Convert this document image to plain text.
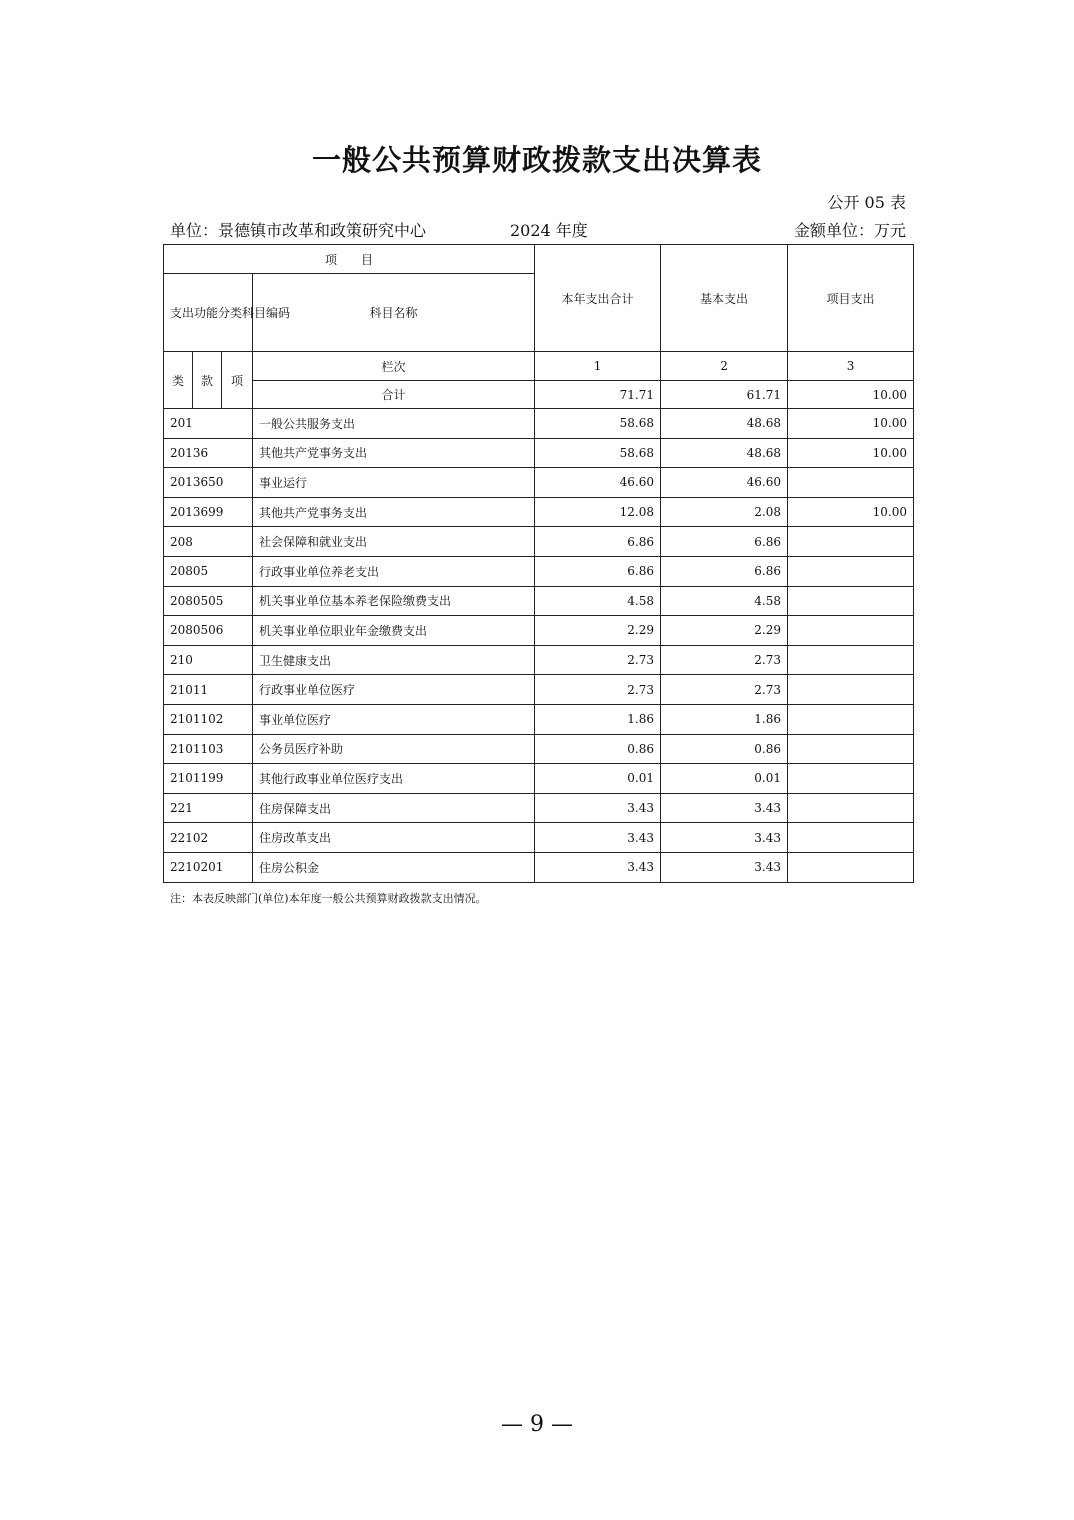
一般公共预算财政拨款支出决算表
公开 05 表
单位：景德镇市改革和政策研究中心	2024 年度	金额单位：万元
项　　目				本年支出合计	基本支出	项目支出
支出功能分类科目编码			科目名称			
类	款	项	栏次	1	2	3
			合计	71.71	61.71	10.00
201			一般公共服务支出	58.68	48.68	10.00
20136			其他共产党事务支出	58.68	48.68	10.00
2013650			事业运行	46.60	46.60	
2013699			其他共产党事务支出	12.08	2.08	10.00
208			社会保障和就业支出	6.86	6.86	
20805			行政事业单位养老支出	6.86	6.86	
2080505			机关事业单位基本养老保险缴费支出	4.58	4.58	
2080506			机关事业单位职业年金缴费支出	2.29	2.29	
210			卫生健康支出	2.73	2.73	
21011			行政事业单位医疗	2.73	2.73	
2101102			事业单位医疗	1.86	1.86	
2101103			公务员医疗补助	0.86	0.86	
2101199			其他行政事业单位医疗支出	0.01	0.01	
221			住房保障支出	3.43	3.43	
22102			住房改革支出	3.43	3.43	
2210201			住房公积金	3.43	3.43	
注：本表反映部门(单位)本年度一般公共预算财政拨款支出情况。
— 9 —
